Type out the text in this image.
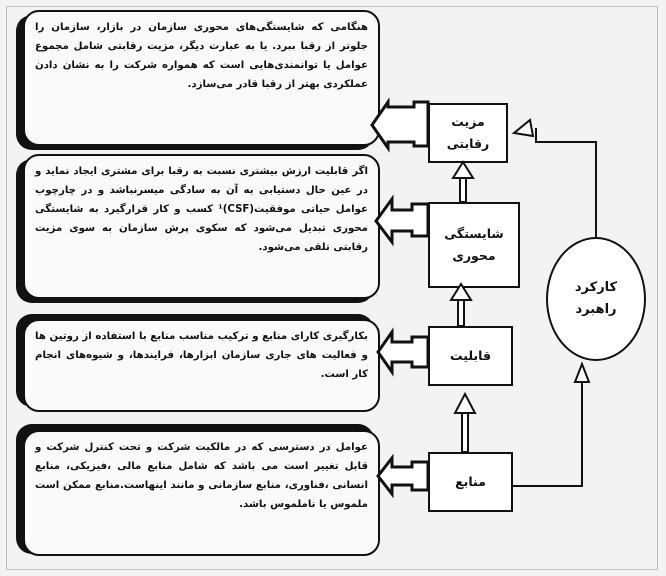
هنگامی که شایستگی‌های محوری سازمان در بازار، سازمان را جلوتر از رقبا ببرد. یا به عبارت دیگر، مزیت رقابتی شامل مجموع عوامل یا توانمندی‌هایی است که همواره شرکت را به نشان دادن عملکردی بهتر از رقبا قادر می‌سازد.
اگر قابلیت ارزش بیشتری نسبت به رقبا برای مشتری ایجاد نماید و در عین حال دستیابی به آن به سادگی میسرنباشد و در چارچوب عوامل حیاتی موفقیت(CSF)¹ کسب و کار قرارگیرد به شایستگی محوری تبدیل می‌شود که سکوی پرش سازمان به سوی مزیت رقابتی تلقی می‌شود.
بکارگیری کارای منابع و ترکیب مناسب منابع با استفاده از روتین ها و فعالیت های جاری سازمان ابزارها، فرایندها، و شیوه‌های انجام کار است.
عوامل در دسترسی که در مالکیت شرکت و تحت کنترل شرکت و قابل تغییر است می باشد که شامل منابع مالی ،فیزیکی، منابع انسانی ،فناوری، منابع سازمانی و مانند اینهاست.منابع ممکن است ملموس یا ناملموس باشد.
مزیت رقابتی
شایستگی محوری
قابلیت
منابع
کارکرد راهبرد
